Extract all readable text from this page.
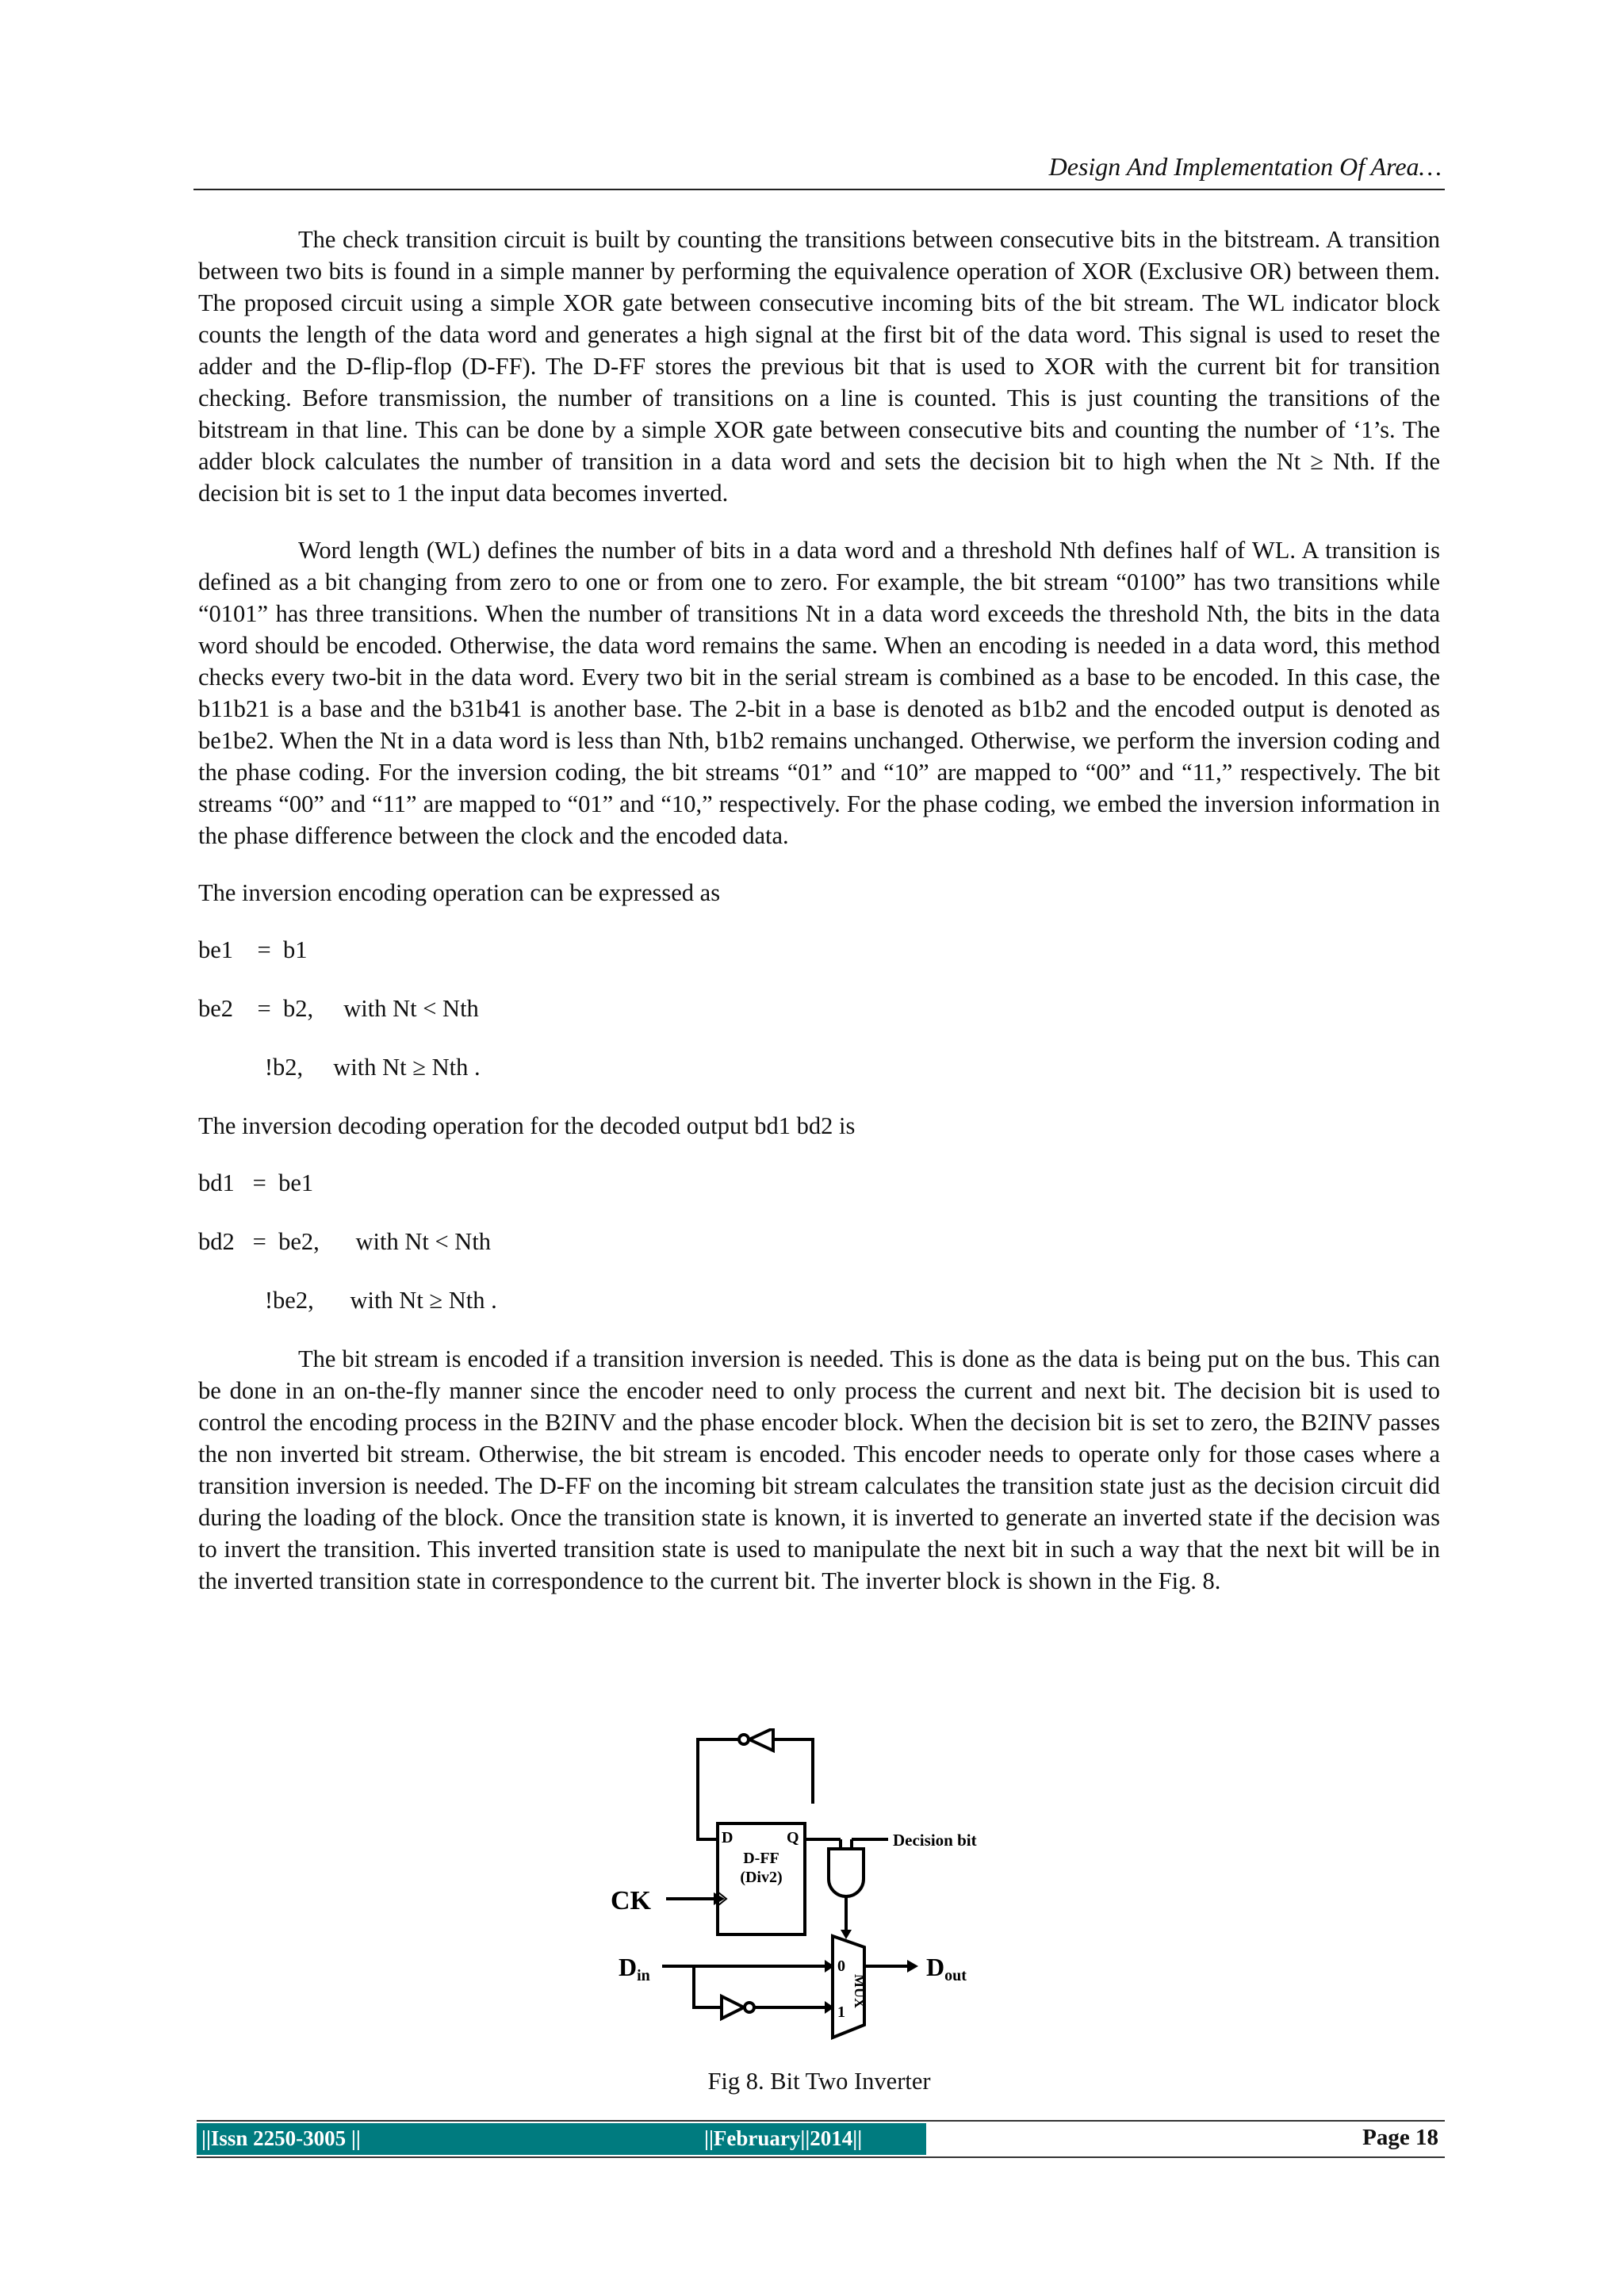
Design And Implementation Of Area…

The check transition circuit is built by counting the transitions between consecutive bits in the bitstream. A transition between two bits is found in a simple manner by performing the equivalence operation of XOR (Exclusive OR) between them. The proposed circuit using a simple XOR gate between consecutive incoming bits of the bit stream. The WL indicator block counts the length of the data word and generates a high signal at the first bit of the data word. This signal is used to reset the adder and the D-flip-flop (D-FF). The D-FF stores the previous bit that is used to XOR with the current bit for transition checking. Before transmission, the number of transitions on a line is counted. This is just counting the transitions of the bitstream in that line. This can be done by a simple XOR gate between consecutive bits and counting the number of ‘1’s. The adder block calculates the number of transition in a data word and sets the decision bit to high when the Nt ≥ Nth. If the decision bit is set to 1 the input data becomes inverted.

Word length (WL) defines the number of bits in a data word and a threshold Nth defines half of WL. A transition is defined as a bit changing from zero to one or from one to zero. For example, the bit stream “0100” has two transitions while “0101” has three transitions. When the number of transitions Nt in a data word exceeds the threshold Nth, the bits in the data word should be encoded. Otherwise, the data word remains the same. When an encoding is needed in a data word, this method checks every two-bit in the data word. Every two bit in the serial stream is combined as a base to be encoded. In this case, the b11b21 is a base and the b31b41 is another base. The 2-bit in a base is denoted as b1b2 and the encoded output is denoted as be1be2. When the Nt in a data word is less than Nth, b1b2 remains unchanged. Otherwise, we perform the inversion coding and the phase coding. For the inversion coding, the bit streams “01” and “10” are mapped to “00” and “11,” respectively. The bit streams “00” and “11” are mapped to “01” and “10,” respectively. For the phase coding, we embed the inversion information in the phase difference between the clock and the encoded data.

The inversion encoding operation can be expressed as

be1    =  b1

be2    =  b2,     with Nt < Nth

!b2,     with Nt ≥ Nth .

The inversion decoding operation for the decoded output bd1 bd2 is

bd1   =  be1

bd2   =  be2,      with Nt < Nth

!be2,      with Nt ≥ Nth .

The bit stream is encoded if a transition inversion is needed. This is done as the data is being put on the bus. This can be done in an on-the-fly manner since the encoder need to only process the current and next bit. The decision bit is used to control the encoding process in the B2INV and the phase encoder block. When the decision bit is set to zero, the B2INV passes the non inverted bit stream. Otherwise, the bit stream is encoded. This encoder needs to operate only for those cases where a transition inversion is needed. The D-FF on the incoming bit stream calculates the transition state just as the decision circuit did during the loading of the block. Once the transition state is known, it is inverted to generate an inverted state if the decision was to invert the transition. This inverted transition state is used to manipulate the next bit in such a way that the next bit will be in the inverted transition state in correspondence to the current bit. The inverter block is shown in the Fig. 8.

D	Q
D-FF
(Div2)
Decision bit
CK
Din	Dout
0
1
MUX
Fig 8. Bit Two Inverter
||Issn 2250-3005 ||	||February||2014||	Page 18
